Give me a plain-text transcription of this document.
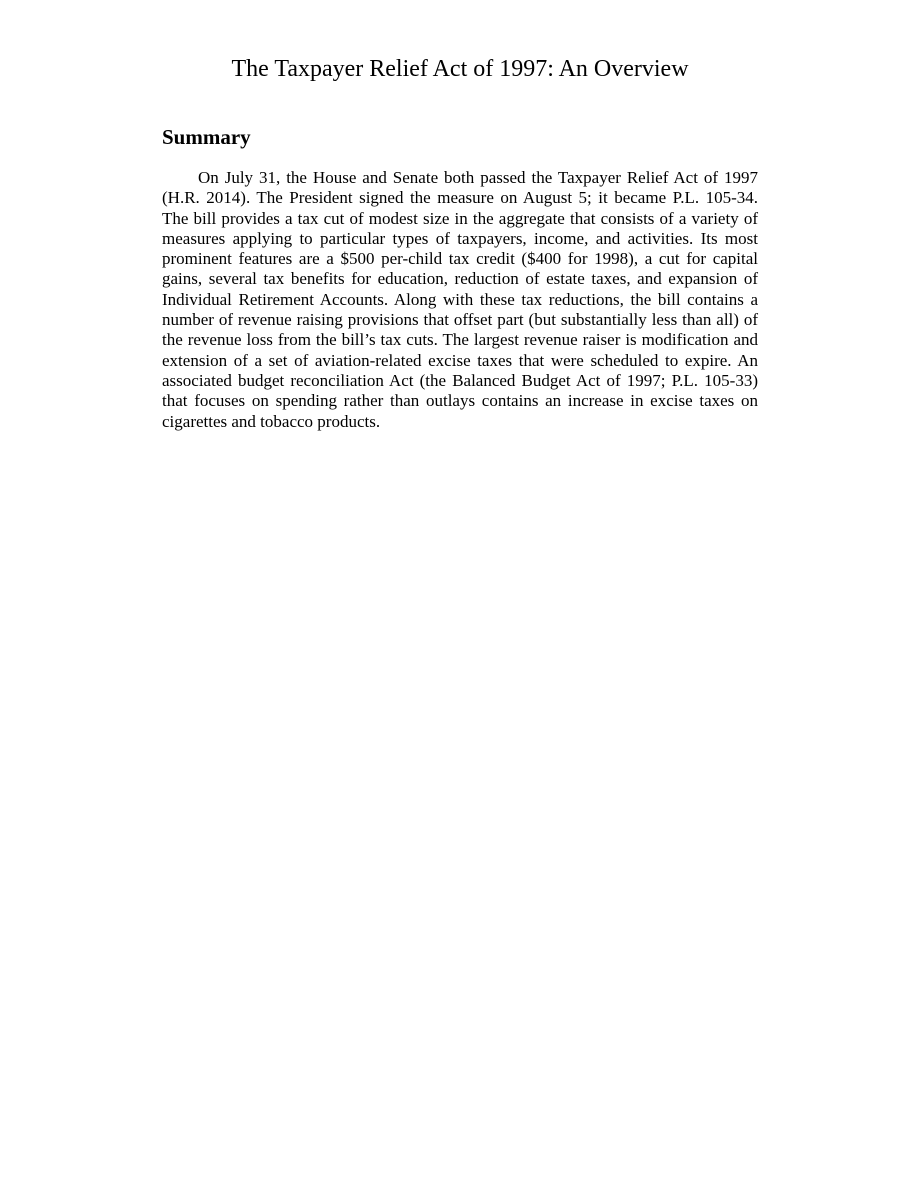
The Taxpayer Relief Act of 1997: An Overview
Summary

On July 31, the House and Senate both passed the Taxpayer Relief Act of 1997 (H.R. 2014). The President signed the measure on August 5; it became P.L. 105-34. The bill provides a tax cut of modest size in the aggregate that consists of a variety of measures applying to particular types of taxpayers, income, and activities. Its most prominent features are a $500 per-child tax credit ($400 for 1998), a cut for capital gains, several tax benefits for education, reduction of estate taxes, and expansion of Individual Retirement Accounts. Along with these tax reductions, the bill contains a number of revenue raising provisions that offset part (but substantially less than all) of the revenue loss from the bill’s tax cuts. The largest revenue raiser is modification and extension of a set of aviation-related excise taxes that were scheduled to expire. An associated budget reconciliation Act (the Balanced Budget Act of 1997; P.L. 105-33) that focuses on spending rather than outlays contains an increase in excise taxes on cigarettes and tobacco products.
